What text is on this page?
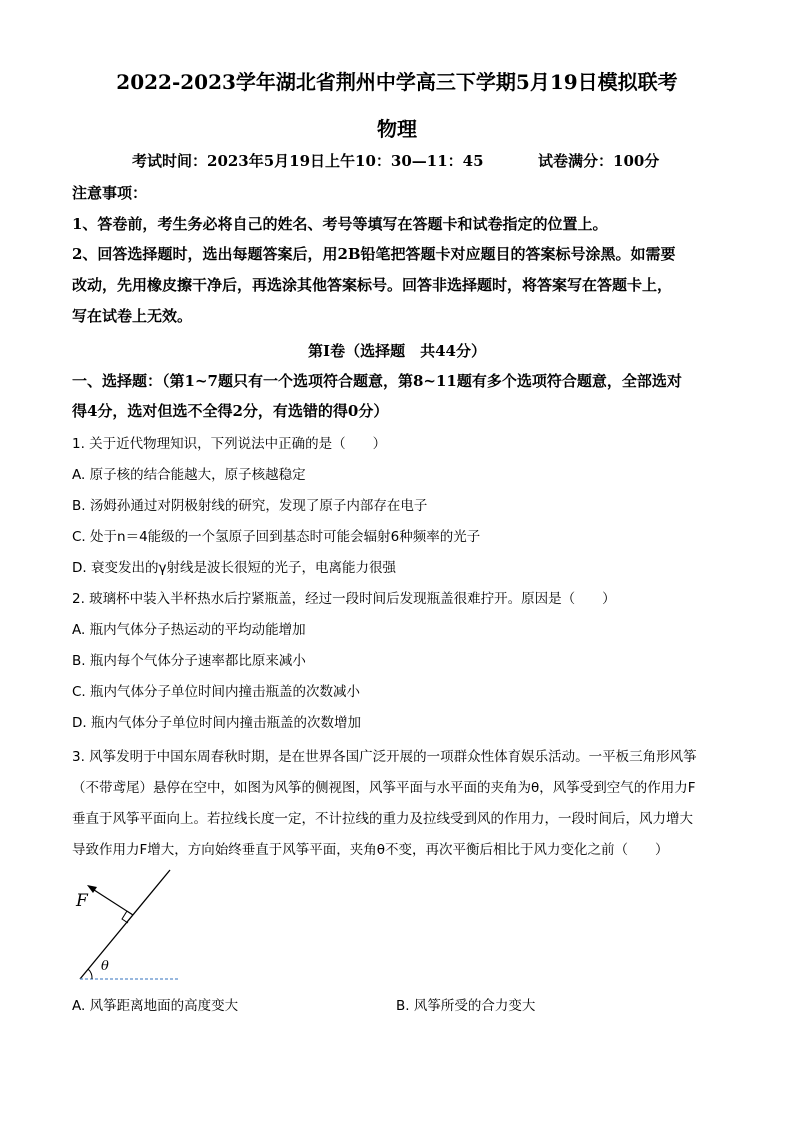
2022-2023学年湖北省荆州中学高三下学期5月19日模拟联考
物理
考试时间：2023年5月19日上午10：30—11：45	试卷满分：100分
注意事项：
1、答卷前，考生务必将自己的姓名、考号等填写在答题卡和试卷指定的位置上。
2、回答选择题时，选出每题答案后，用2B铅笔把答题卡对应题目的答案标号涂黑。如需要
改动，先用橡皮擦干净后，再选涂其他答案标号。回答非选择题时，将答案写在答题卡上，
写在试卷上无效。
第Ⅰ卷（选择题　共44分）
一、选择题：（第1~7题只有一个选项符合题意，第8~11题有多个选项符合题意，全部选对
得4分，选对但选不全得2分，有选错的得0分）
1. 关于近代物理知识，下列说法中正确的是（　　）
A. 原子核的结合能越大，原子核越稳定
B. 汤姆孙通过对阴极射线的研究，发现了原子内部存在电子
C. 处于n＝4能级的一个氢原子回到基态时可能会辐射6种频率的光子
D. 衰变发出的γ射线是波长很短的光子，电离能力很强
2. 玻璃杯中装入半杯热水后拧紧瓶盖，经过一段时间后发现瓶盖很难拧开。原因是（　　）
A. 瓶内气体分子热运动的平均动能增加
B. 瓶内每个气体分子速率都比原来减小
C. 瓶内气体分子单位时间内撞击瓶盖的次数减小
D. 瓶内气体分子单位时间内撞击瓶盖的次数增加
3. 风筝发明于中国东周春秋时期，是在世界各国广泛开展的一项群众性体育娱乐活动。一平板三角形风筝
（不带鸢尾）悬停在空中，如图为风筝的侧视图，风筝平面与水平面的夹角为θ，风筝受到空气的作用力F
垂直于风筝平面向上。若拉线长度一定，不计拉线的重力及拉线受到风的作用力，一段时间后，风力增大
导致作用力F增大，方向始终垂直于风筝平面，夹角θ不变，再次平衡后相比于风力变化之前（　　）
F
θ
A. 风筝距离地面的高度变大	B. 风筝所受的合力变大
